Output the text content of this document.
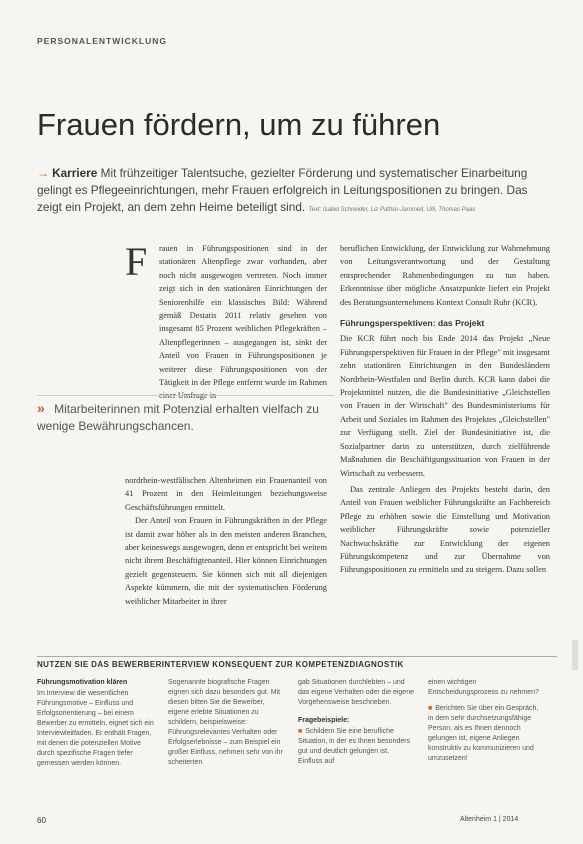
PERSONALENTWICKLUNG
Frauen fördern, um zu führen
→ Karriere Mit frühzeitiger Talentsuche, gezielter Förderung und systematischer Einarbeitung gelingt es Pflegeeinrichtungen, mehr Frauen erfolgreich in Leitungspositionen zu bringen. Das zeigt ein Projekt, an dem zehn Heime beteiligt sind. Text: Isabel Schneider, Liz Pattiso-Jaromeit, Ulli, Thomas Paas
F	rauen in Führungspositionen sind in der stationären Altenpflege zwar vorhanden, aber noch nicht ausgewogen vertreten. Noch immer zeigt sich in den stationären Einrichtungen der Seniorenhilfe ein klassisches Bild: Während gemäß Destatis 2011 relativ gesehen von insgesamt 85 Prozent weiblichen Pflegekräften – Altenpflegerinnen – ausgegangen ist, sinkt der Anteil von Frauen in Führungspositionen je weiterer diese Führungspositionen von der Tätigkeit in der Pflege entfernt wurde im Rahmen

» Mitarbeiterinnen mit Potenzial erhalten vielfach zu wenige Bewährungschancen.

nordrhein-westfälischen Altenheimen ein Frauenanteil von 41 Prozent in den Heimleitungen beziehungsweise Geschäftsführungen ermittelt.

Der Anteil von Frauen in Führungskräften in der Pflege ist damit zwar höher als in den meisten anderen Branchen, aber keineswegs ausgewogen, denn er entspricht bei weitem nicht ihrem Beschäftigtenanteil. Hier können Einrichtungen gezielt gegensteuern. Sie können sich mit all diejenigen Aspekte kümmern, die mit der systematischen Förderung weiblicher Mitarbeiter in ihrer

beruflichen Entwicklung, der Entwicklung zur Wahrnehmung von Leitungsverantwortung und der Gestaltung entsprechender Rahmenbedingungen zu tun haben. Erkenntnisse über mögliche Ansatzpunkte liefert ein Projekt des Beratungsunternehmens Kontext Consult Ruhr (KCR).

Führungsperspektiven: das Projekt

Die KCR führt noch bis Ende 2014 das Projekt „Neue Führungsperspektiven für Frauen in der Pflege" mit insgesamt zehn stationären Einrichtungen in den Bundesländern Nordrhein-Westfalen und Berlin durch. KCR kann dabei die Projektmittel nutzen, die die Bundesinitiative „Gleichstellen von Frauen in der Wirtschaft" des Bundesministeriums für Arbeit und Soziales im Rahmen des Projektes „Gleichstellen" zur Verfügung stellt. Ziel der Bundesinitiative ist, die Sozialpartner darin zu unterstützen, durch zielführende Maßnahmen die Beschäftigungssituation von Frauen in der Wirtschaft zu verbessern.

Das zentrale Anliegen des Projekts besteht darin, den Anteil von Frauen weiblicher Führungskräfte an Fachbereich Pflege zu erhöhen sowie die Einstellung und Motivation weiblicher Führungskräfte sowie potenzieller Nachwuchskräfte zur Entwicklung der eigenen Führungskompetenz und zur Übernahme von Führungspositionen zu ermitteln und zu steigern. Dazu sollen

NUTZEN SIE DAS BEWERBERINTERVIEW KONSEQUENT ZUR KOMPETENZDIAGNOSTIK
Führungsmotivation klären

Im Interview die wesentlichen Führungsmotive – Einfluss und Erfolgsorientierung – bei einem Bewerber zu ermitteln, eignet sich ein Interviewleitfaden. Er enthält Fragen, mit denen die potenziellen Motive durch spezifische Fragen tiefer gemessen werden können.

Sogenannte biografische Fragen eignen sich dazu besonders gut. Mit diesen bitten Sie die Bewerber, eigene erlebte Situationen zu schildern, beispielsweise: Führungsrelevantes Verhalten oder Erfolgserlebnisse – zum Beispiel ein großer Einfluss, nehmen sehr von ihr scheiterten

gab Situationen durchlebten – und das eigene Verhalten oder die eigene Vorgehensweise beschrieben.

Fragebeispiele:

■ Schildern Sie eine berufliche Situation, in der es Ihnen besonders gut und deutlich gelungen ist, Einfluss auf

einen wichtigen Entscheidungsprozess zu nehmen?

■ Berichten Sie über ein Gespräch, in dem sehr durchsetzungsfähige Person, als es Ihnen dennoch gelungen ist, eigene Anliegen konstruktiv zu kommunizieren und umzusetzen!

60	Altenheim 1 | 2014
